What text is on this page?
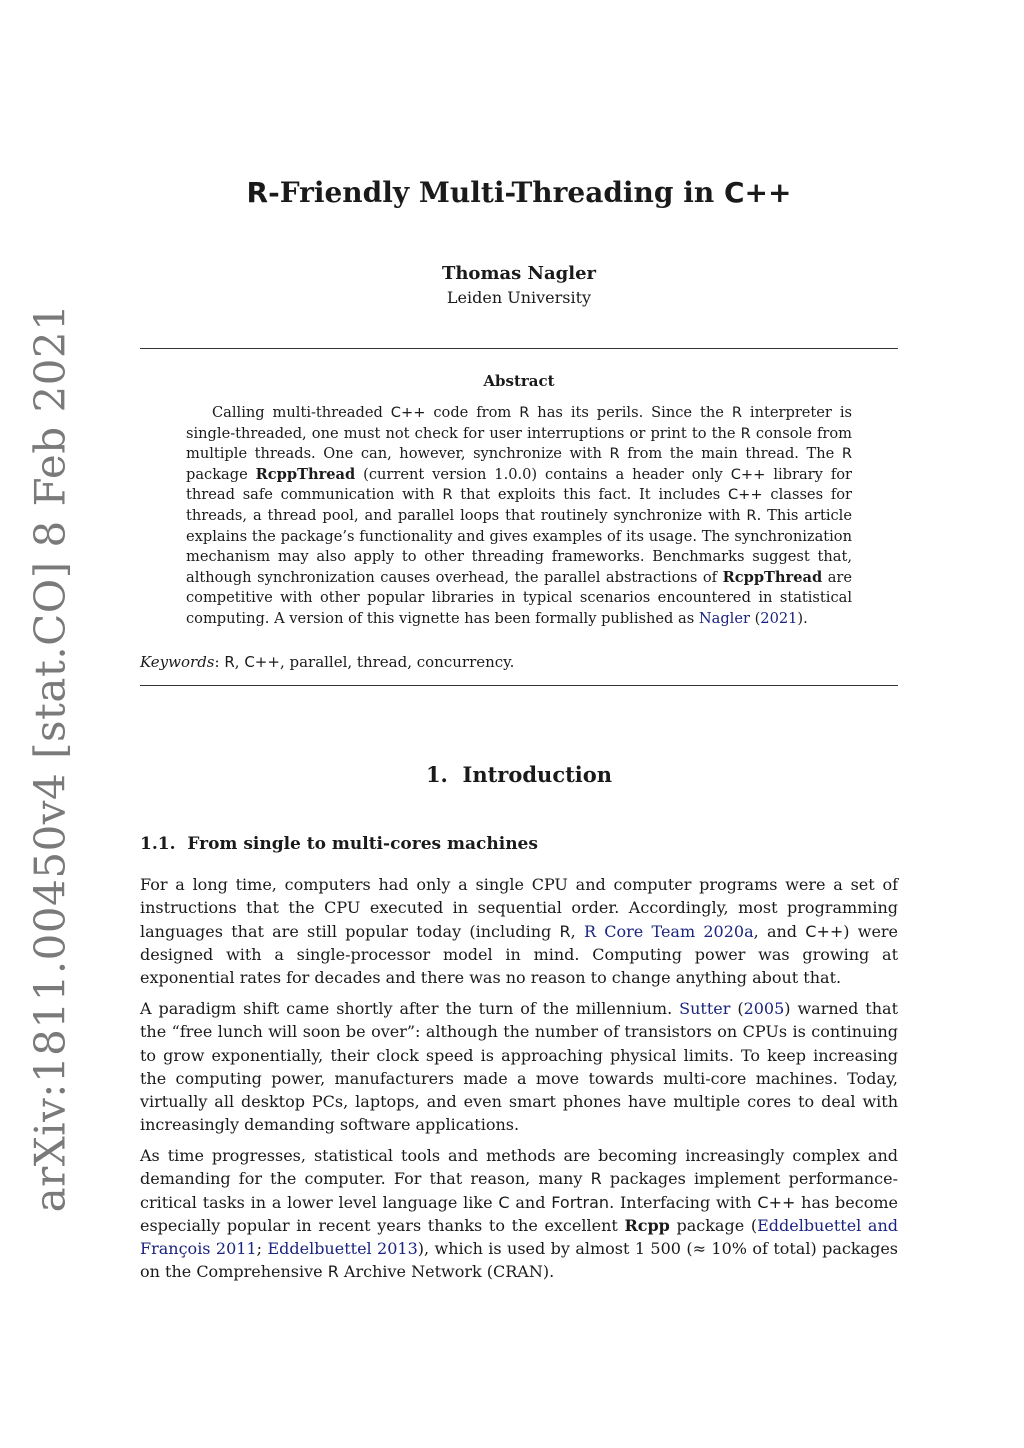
arXiv:1811.00450v4 [stat.CO] 8 Feb 2021
R-Friendly Multi-Threading in C++
Thomas Nagler
Leiden University
Abstract

Calling multi-threaded C++ code from R has its perils. Since the R interpreter is single-threaded, one must not check for user interruptions or print to the R console from multiple threads. One can, however, synchronize with R from the main thread. The R package RcppThread (current version 1.0.0) contains a header only C++ library for thread safe communication with R that exploits this fact. It includes C++ classes for threads, a thread pool, and parallel loops that routinely synchronize with R. This article explains the package’s functionality and gives examples of its usage. The synchronization mechanism may also apply to other threading frameworks. Benchmarks suggest that, although synchronization causes overhead, the parallel abstractions of RcppThread are competitive with other popular libraries in typical scenarios encountered in statistical computing. A version of this vignette has been formally published as Nagler (2021).

Keywords: R, C++, parallel, thread, concurrency.
1. Introduction
1.1. From single to multi-cores machines

For a long time, computers had only a single CPU and computer programs were a set of instructions that the CPU executed in sequential order. Accordingly, most programming languages that are still popular today (including R, R Core Team 2020a, and C++) were designed with a single-processor model in mind. Computing power was growing at exponential rates for decades and there was no reason to change anything about that.

A paradigm shift came shortly after the turn of the millennium. Sutter (2005) warned that the “free lunch will soon be over”: although the number of transistors on CPUs is continuing to grow exponentially, their clock speed is approaching physical limits. To keep increasing the computing power, manufacturers made a move towards multi-core machines. Today, virtually all desktop PCs, laptops, and even smart phones have multiple cores to deal with increasingly demanding software applications.

As time progresses, statistical tools and methods are becoming increasingly complex and demanding for the computer. For that reason, many R packages implement performance-critical tasks in a lower level language like C and Fortran. Interfacing with C++ has become especially popular in recent years thanks to the excellent Rcpp package (Eddelbuettel and François 2011; Eddelbuettel 2013), which is used by almost 1 500 (≈ 10% of total) packages on the Comprehensive R Archive Network (CRAN).
